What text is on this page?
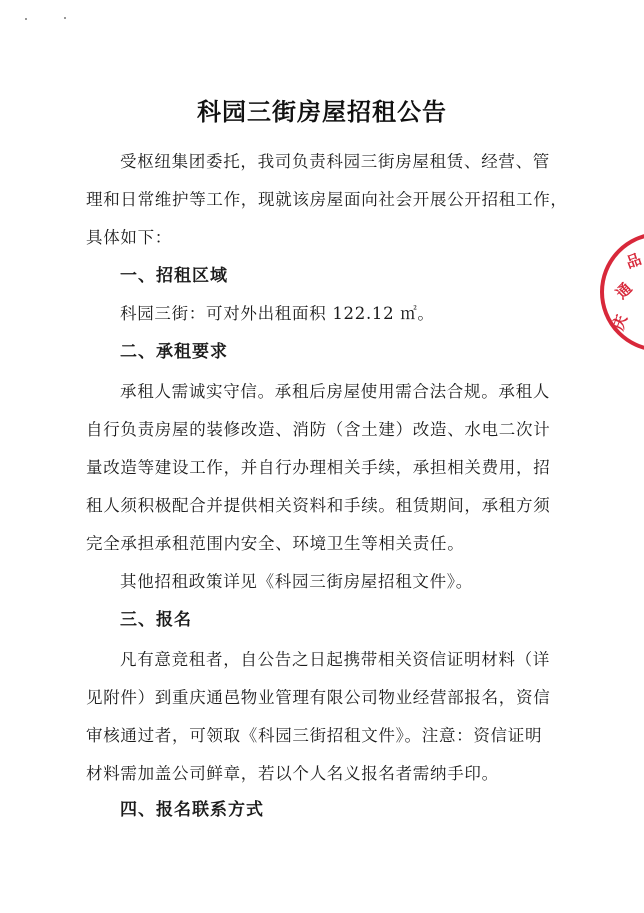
科园三街房屋招租公告
受枢纽集团委托，我司负责科园三街房屋租赁、经营、管
理和日常维护等工作，现就该房屋面向社会开展公开招租工作，
具体如下：
一、招租区域
科园三街：可对外出租面积 122.12 ㎡。
二、承租要求
承租人需诚实守信。承租后房屋使用需合法合规。承租人
自行负责房屋的装修改造、消防（含土建）改造、水电二次计
量改造等建设工作，并自行办理相关手续，承担相关费用，招
租人须积极配合并提供相关资料和手续。租赁期间，承租方须
完全承担承租范围内安全、环境卫生等相关责任。
其他招租政策详见《科园三街房屋招租文件》。
三、报名
凡有意竞租者，自公告之日起携带相关资信证明材料（详
见附件）到重庆通邑物业管理有限公司物业经营部报名，资信
审核通过者，可领取《科园三街招租文件》。注意：资信证明
材料需加盖公司鲜章，若以个人名义报名者需纳手印。
四、报名联系方式
品
通
庆
